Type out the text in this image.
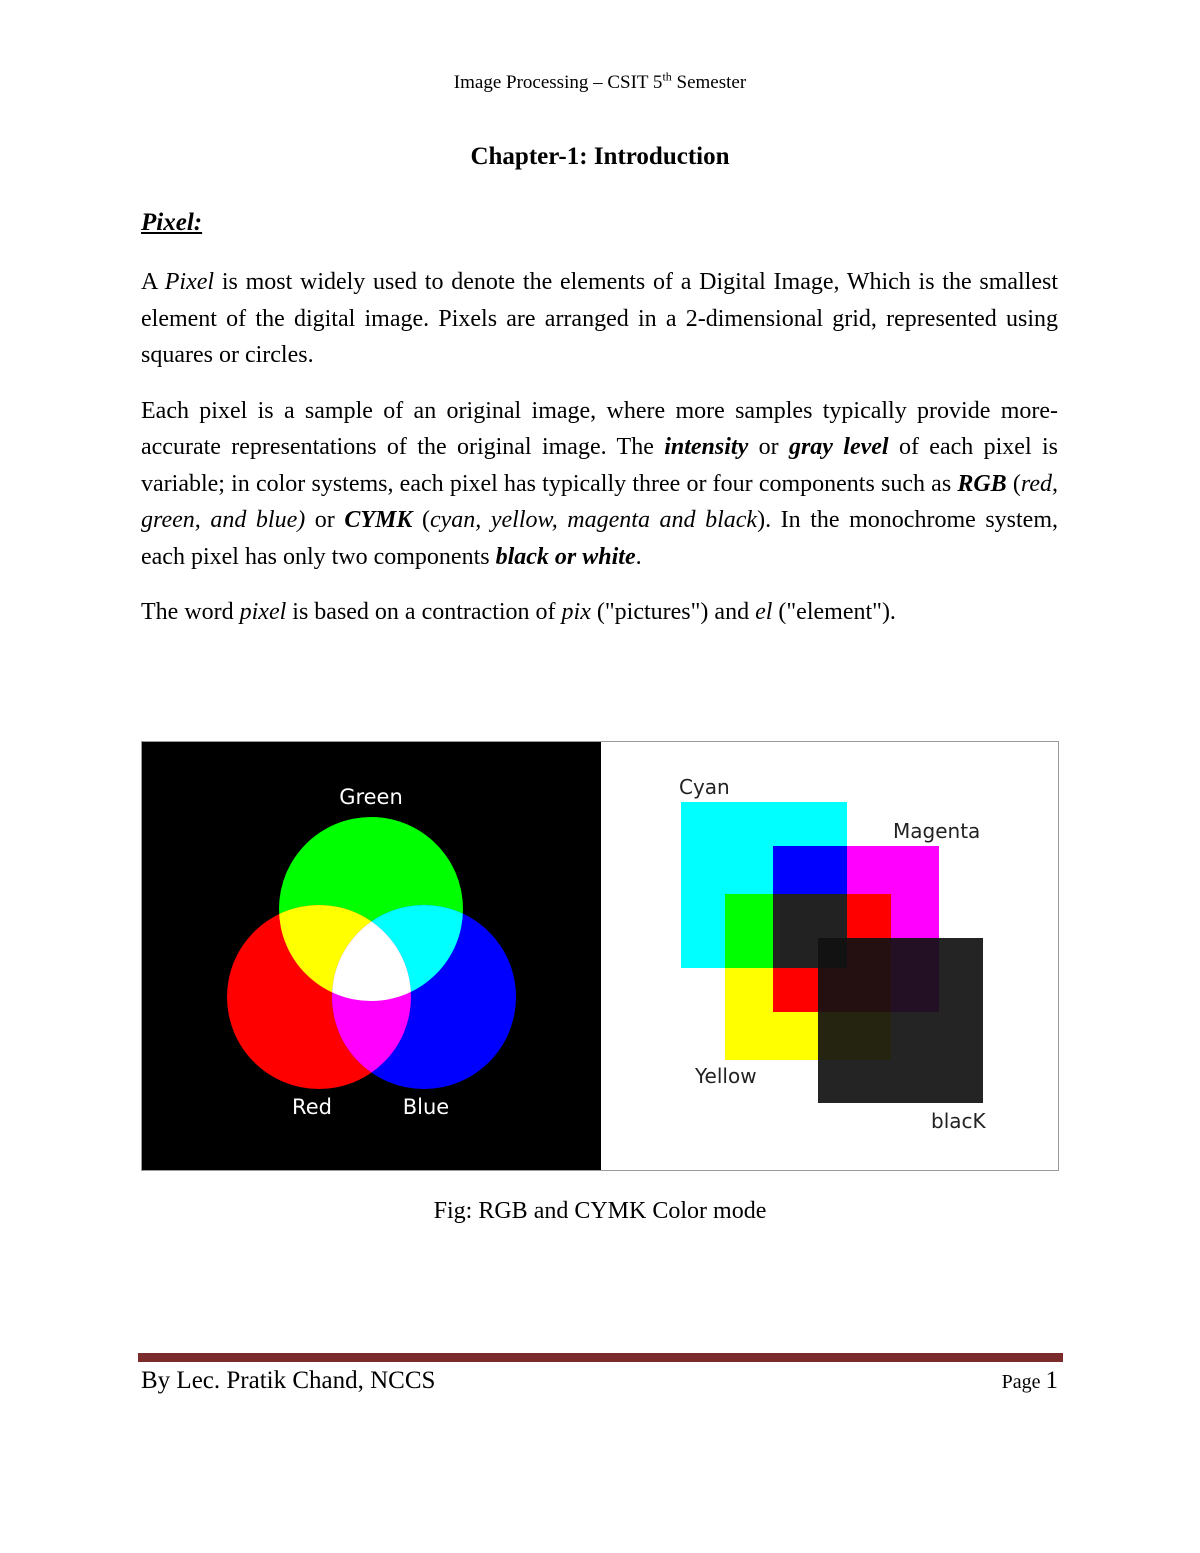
Image Processing – CSIT 5th Semester
Chapter-1: Introduction
Pixel:

A Pixel is most widely used to denote the elements of a Digital Image, Which is the smallest element of the digital image. Pixels are arranged in a 2-dimensional grid, represented using squares or circles.

Each pixel is a sample of an original image, where more samples typically provide more-accurate representations of the original image. The intensity or gray level of each pixel is variable; in color systems, each pixel has typically three or four components such as RGB (red, green, and blue) or CYMK (cyan, yellow, magenta and black). In the monochrome system, each pixel has only two components black or white.

The word pixel is based on a contraction of pix ("pictures") and el ("element").

Green
Red	Blue
Cyan
Magenta
Yellow
blacK
Fig: RGB and CYMK Color mode
By Lec. Pratik Chand, NCCS	Page 1
